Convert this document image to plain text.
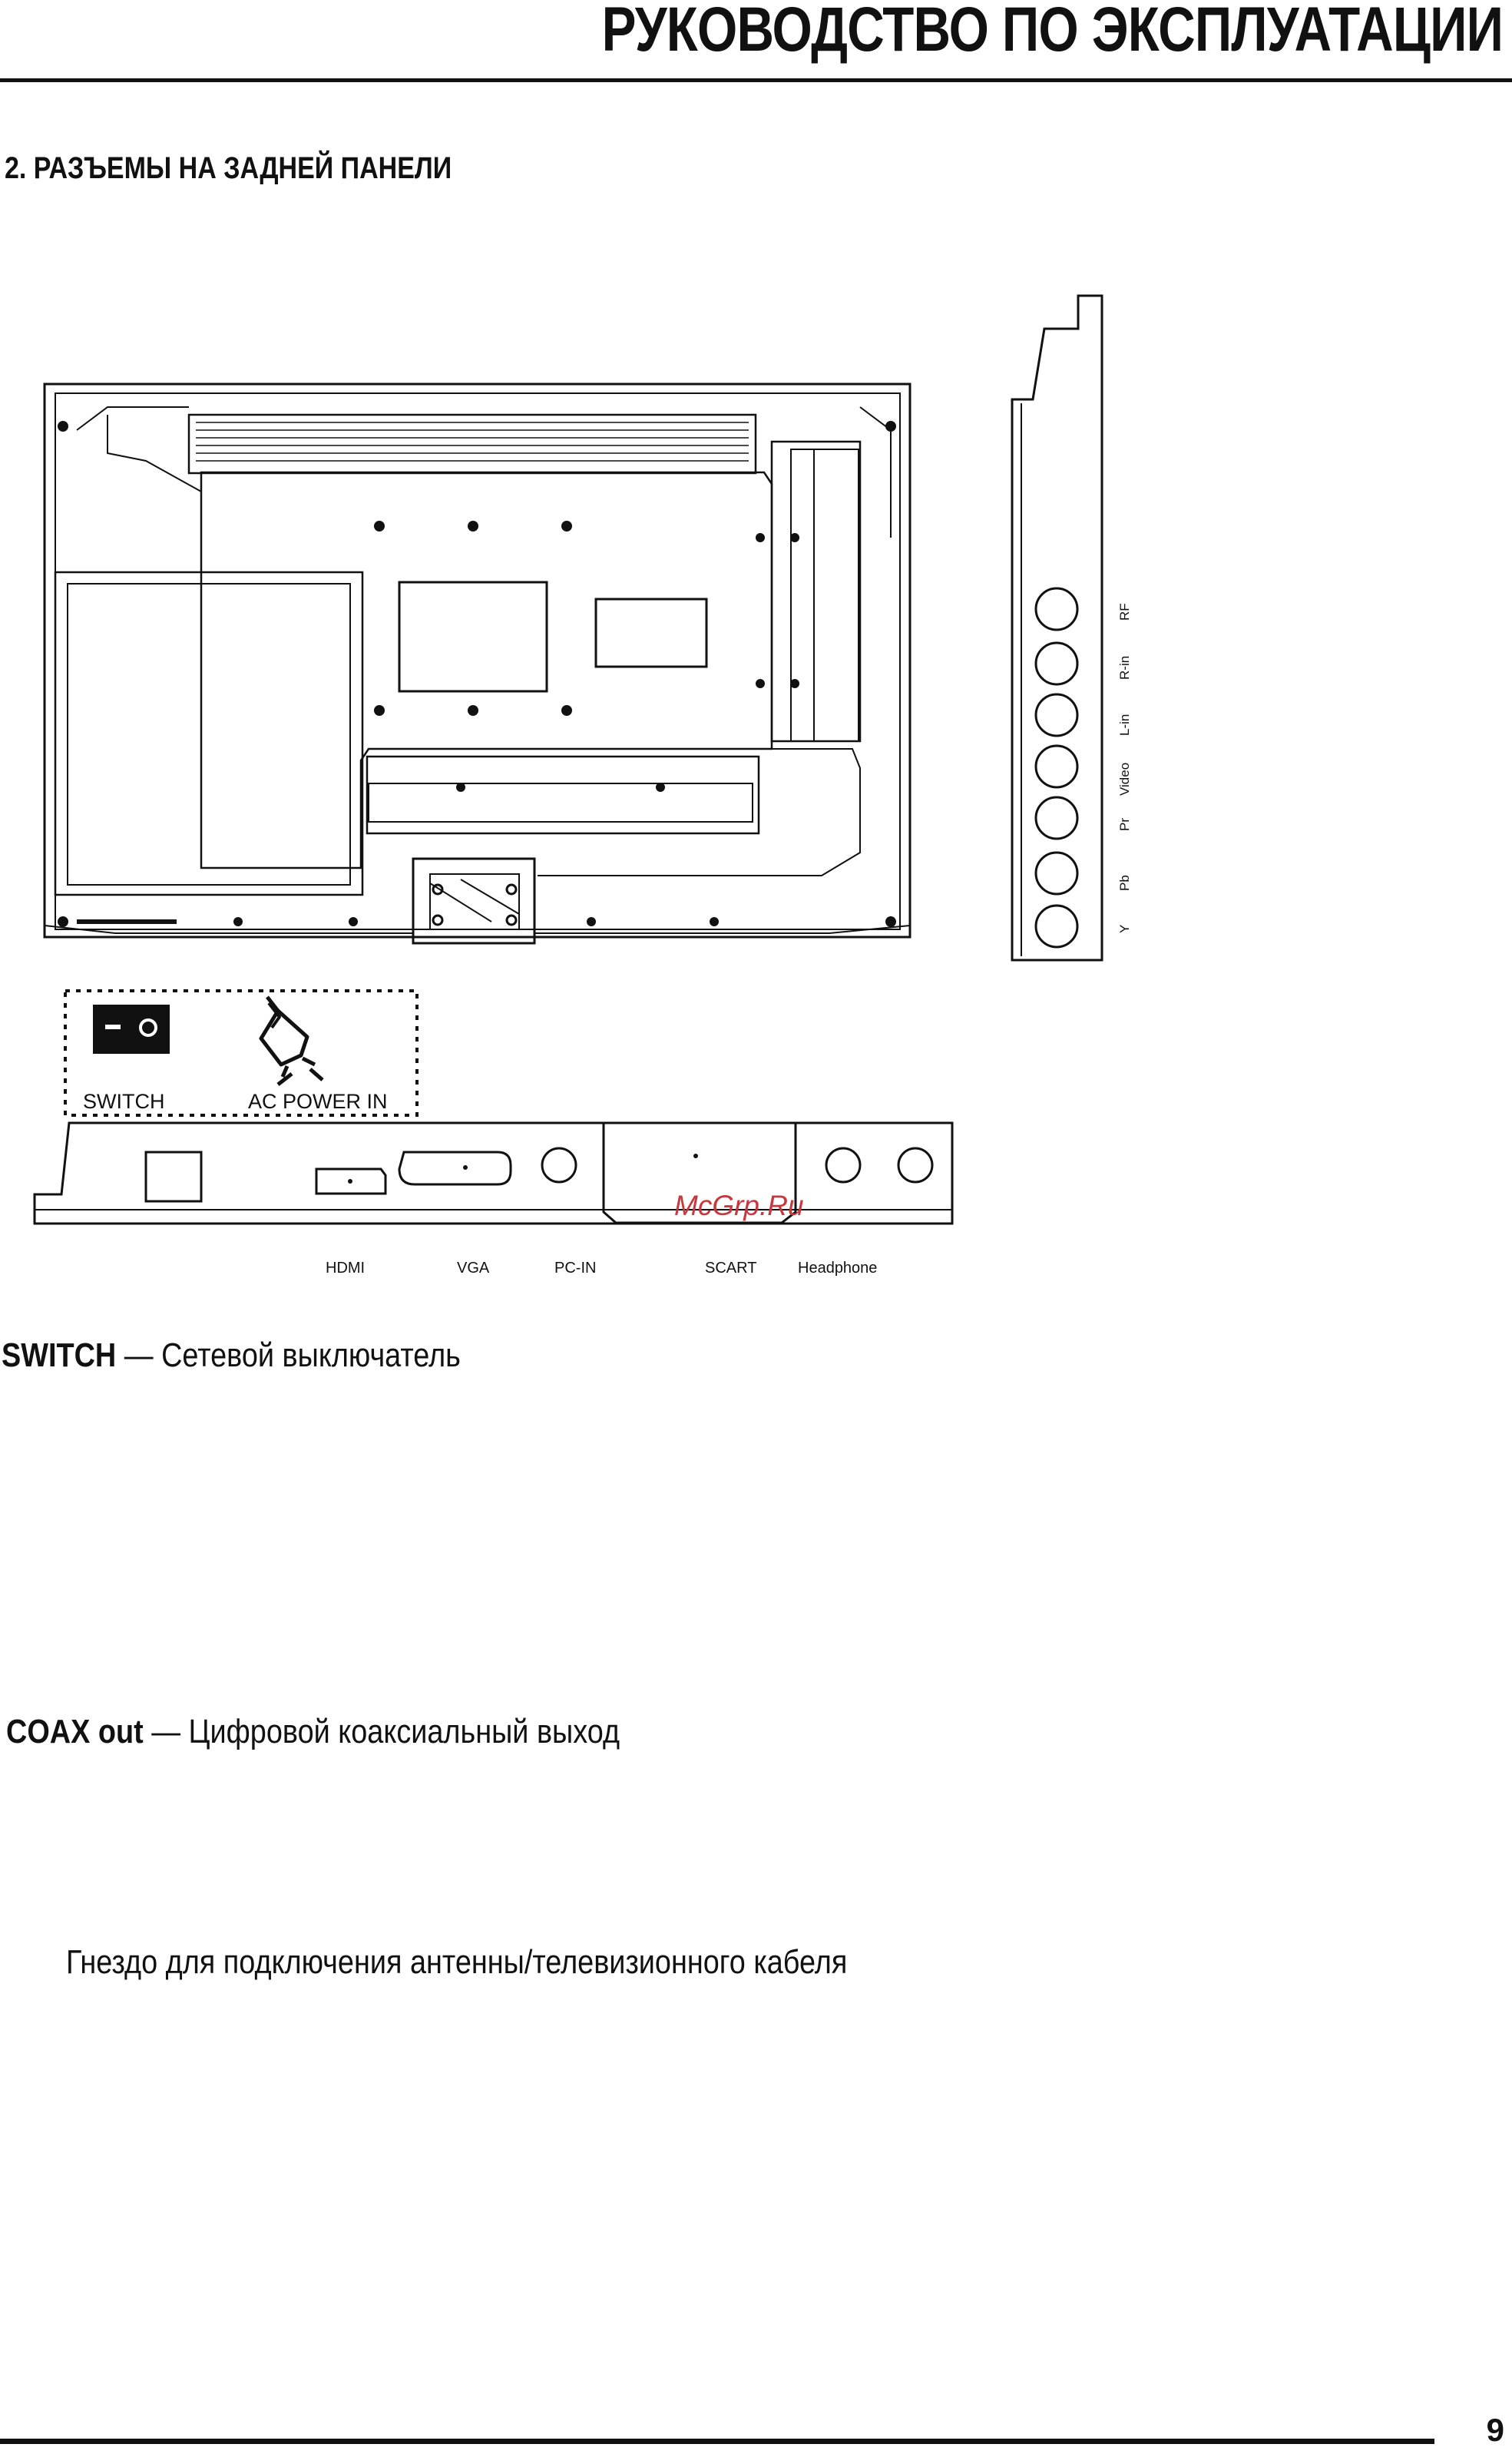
РУКОВОДСТВО ПО ЭКСПЛУАТАЦИИ
2. РАЗЪЕМЫ НА ЗАДНЕЙ ПАНЕЛИ
Y
Pb
Pr
Video
L-in
R-in
RF
SWITCH	AC POWER IN
McGrp.Ru
HDMI	VGA	PC-IN	SCART	Headphone
SWITCH — Сетевой выключатель
COAX out — Цифровой коаксиальный выход
Гнездо для подключения антенны/телевизионного кабеля
9
